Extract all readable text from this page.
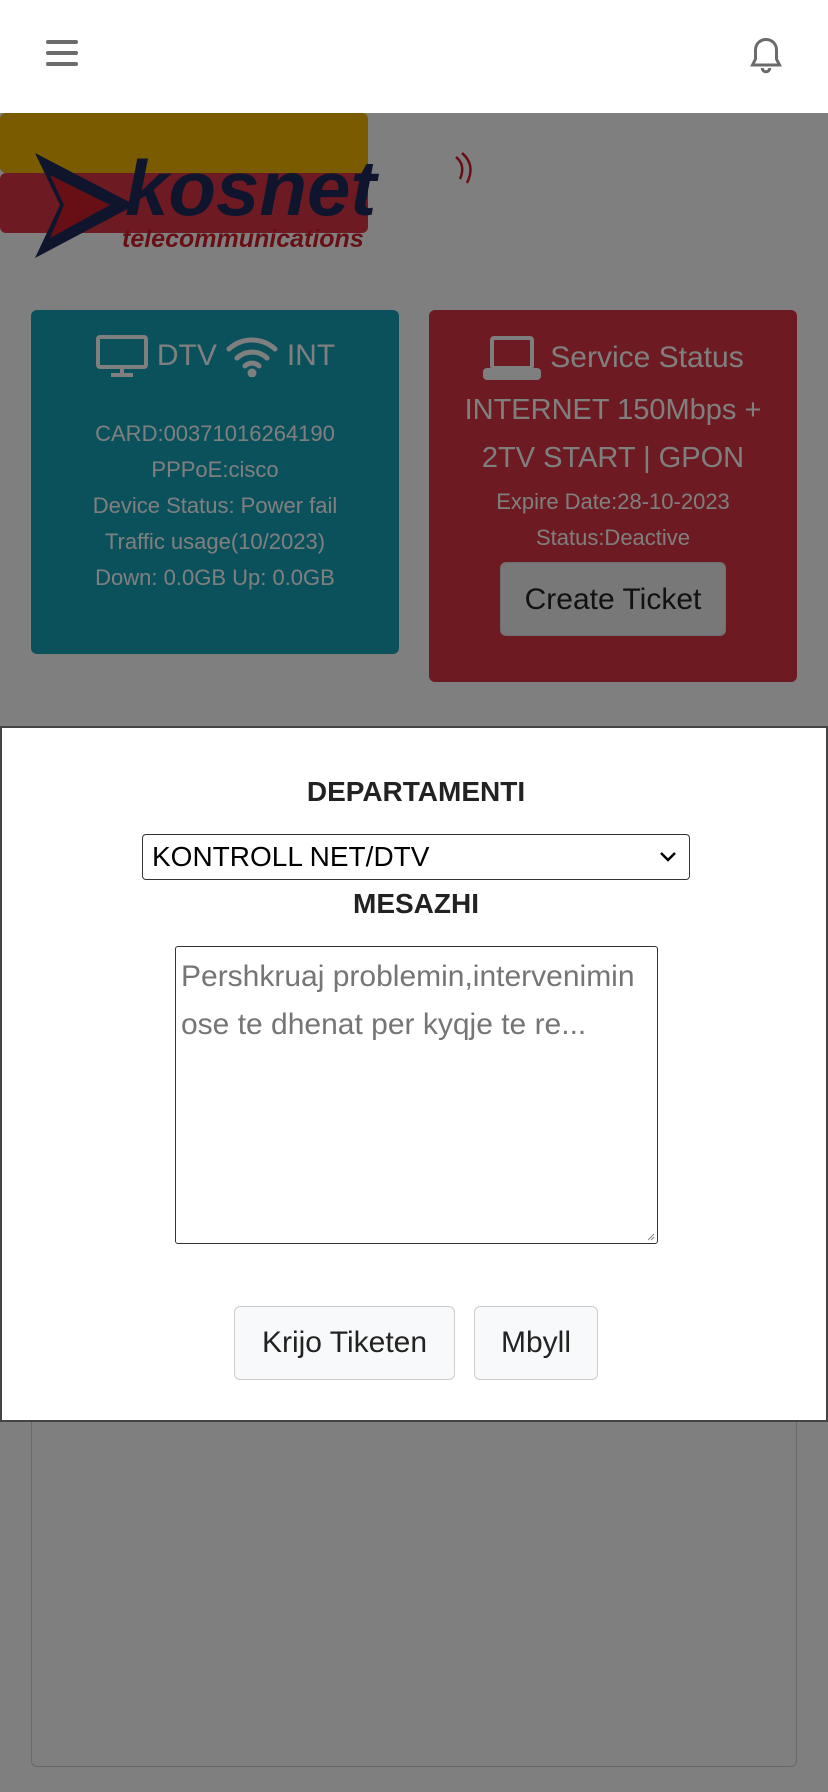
DEPARTAMENTI
KONTROLL NET/DTV
MESAZHI
Pershkruaj problemin,intervenimin ose te dhenat per kyqje te re...
Krijo Tiketen	Mbyll
